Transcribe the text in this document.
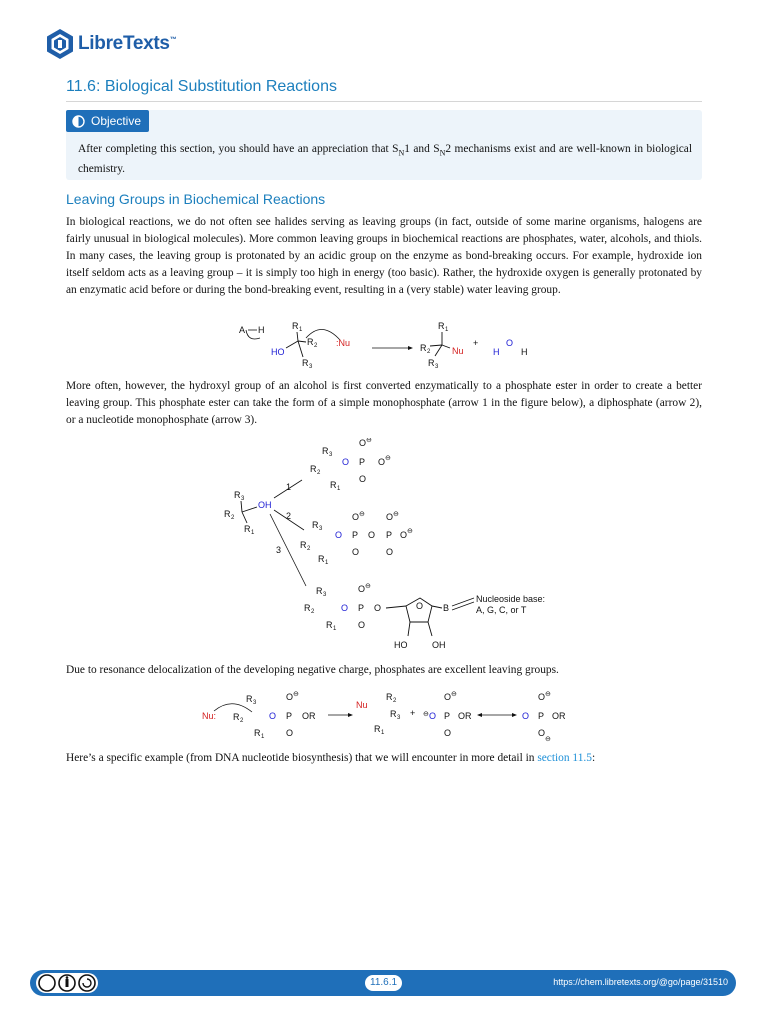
LibreTexts™
11.6: Biological Substitution Reactions
Objective
After completing this section, you should have an appreciation that $S_N1$ and $S_N2$ mechanisms exist and are well-known in biological chemistry.
Leaving Groups in Biochemical Reactions
In biological reactions, we do not often see halides serving as leaving groups (in fact, outside of some marine organisms, halogens are fairly unusual in biological molecules). More common leaving groups in biochemical reactions are phosphates, water, alcohols, and thiols. In many cases, the leaving group is protonated by an acidic group on the enzyme as bond-breaking occurs. For example, hydroxide ion itself seldom acts as a leaving group – it is simply too high in energy (too basic). Rather, the hydroxide oxygen is generally protonated by an enzymatic acid before or during the bond-breaking event, resulting in a (very stable) water leaving group.
A H	R 1
R 2
R 3
HO
:Nu
R 1
R 2
R 3
Nu
+
H
O
H
More often, however, the hydroxyl group of an alcohol is first converted enzymatically to a phosphate ester in order to create a better leaving group. This phosphate ester can take the form of a simple monophosphate (arrow 1 in the figure below), a diphosphate (arrow 2), or a nucleotide monophosphate (arrow 3).
R 3
R 2
R 1
OH
1
2
3
R 3
R 2
R 1
O
O ⊖
P O ⊖
O
R 3
R 2
R 1
O
O ⊖
P O
O
O ⊖
P O ⊖
O
R 3
R 2
R 1
O
O ⊖
P O
O
O B
Nucleoside base:
A, G, C, or T
HO	OH
Due to resonance delocalization of the developing negative charge, phosphates are excellent leaving groups.
Nu:
R 3
R 2
R 1
O
O ⊖
P OR
O
Nu
R 2
R 3
R 1
+ ⊖ O
O ⊖
P OR
O
O
O ⊖
P OR
O
⊖
Here’s a specific example (from DNA nucleotide biosynthesis) that we will encounter in more detail in section 11.5:
11.6.1	https://chem.libretexts.org/@go/page/31510
